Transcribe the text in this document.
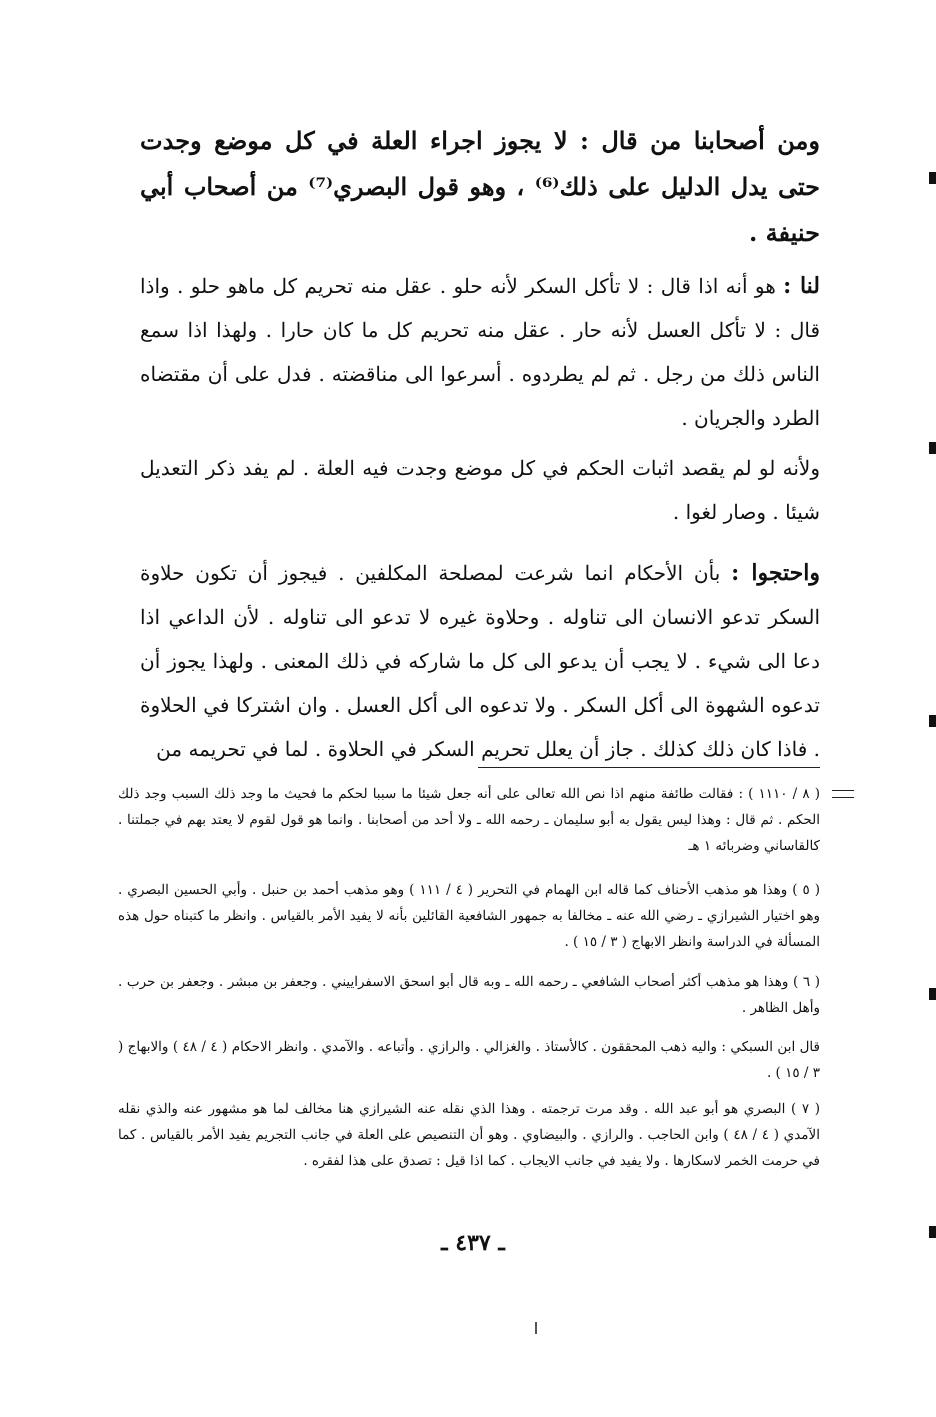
ومن أصحابنا من قال : لا يجوز اجراء العلة في كل موضع وجدت حتى يدل الدليل على ذلك⁽⁶⁾ ، وهو قول البصري⁽⁷⁾ من أصحاب أبي حنيفة .
لنا : هو أنه اذا قال : لا تأكل السكر لأنه حلو . عقل منه تحريم كل ماهو حلو . واذا قال : لا تأكل العسل لأنه حار . عقل منه تحريم كل ما كان حارا . ولهذا اذا سمع الناس ذلك من رجل . ثم لم يطردوه . أسرعوا الى مناقضته . فدل على أن مقتضاه الطرد والجريان .
ولأنه لو لم يقصد اثبات الحكم في كل موضع وجدت فيه العلة . لم يفد ذكر التعديل شيئا . وصار لغوا .
واحتجوا : بأن الأحكام انما شرعت لمصلحة المكلفين . فيجوز أن تكون حلاوة السكر تدعو الانسان الى تناوله . وحلاوة غيره لا تدعو الى تناوله . لأن الداعي اذا دعا الى شيء . لا يجب أن يدعو الى كل ما شاركه في ذلك المعنى . ولهذا يجوز أن تدعوه الشهوة الى أكل السكر . ولا تدعوه الى أكل العسل . وان اشتركا في الحلاوة . فاذا كان ذلك كذلك . جاز أن يعلل تحريم السكر في الحلاوة . لما في تحريمه من
( ٨ / ١١١٠ ) : فقالت طائفة منهم اذا نص الله تعالى على أنه جعل شيئا ما سببا لحكم ما فحيث ما وجد ذلك السبب وجد ذلك الحكم . ثم قال : وهذا ليس يقول به أبو سليمان ـ رحمه الله ـ ولا أحد من أصحابنا . وانما هو قول لقوم لا يعتد بهم في جملتنا . كالقاساني وضربائه ١ هـ
( ٥ ) وهذا هو مذهب الأحناف كما قاله ابن الهمام في التحرير ( ٤ / ١١١ ) وهو مذهب أحمد بن حنبل . وأبي الحسين البصري . وهو اختيار الشيرازي ـ رضي الله عنه ـ مخالفا به جمهور الشافعية القائلين بأنه لا يفيد الأمر بالقياس . وانظر ما كتبناه حول هذه المسألة في الدراسة وانظر الابهاج ( ٣ / ١٥ ) .
( ٦ ) وهذا هو مذهب أكثر أصحاب الشافعي ـ رحمه الله ـ وبه قال أبو اسحق الاسفراييني . وجعفر بن مبشر . وجعفر بن حرب . وأهل الظاهر .
قال ابن السبكي : واليه ذهب المحققون . كالأستاذ . والغزالي . والرازي . وأتباعه . والآمدي . وانظر الاحكام ( ٤ / ٤٨ ) والابهاج ( ٣ / ١٥ ) .
( ٧ ) البصري هو أبو عبد الله . وقد مرت ترجمته . وهذا الذي نقله عنه الشيرازي هنا مخالف لما هو مشهور عنه والذي نقله الآمدي ( ٤ / ٤٨ ) وابن الحاجب . والرازي . والبيضاوي . وهو أن التنصيص على العلة في جانب التجريم يفيد الأمر بالقياس . كما في حرمت الخمر لاسكارها . ولا يفيد في جانب الايجاب . كما اذا قيل : تصدق على هذا لفقره .
ـ ٤٣٧ ـ
